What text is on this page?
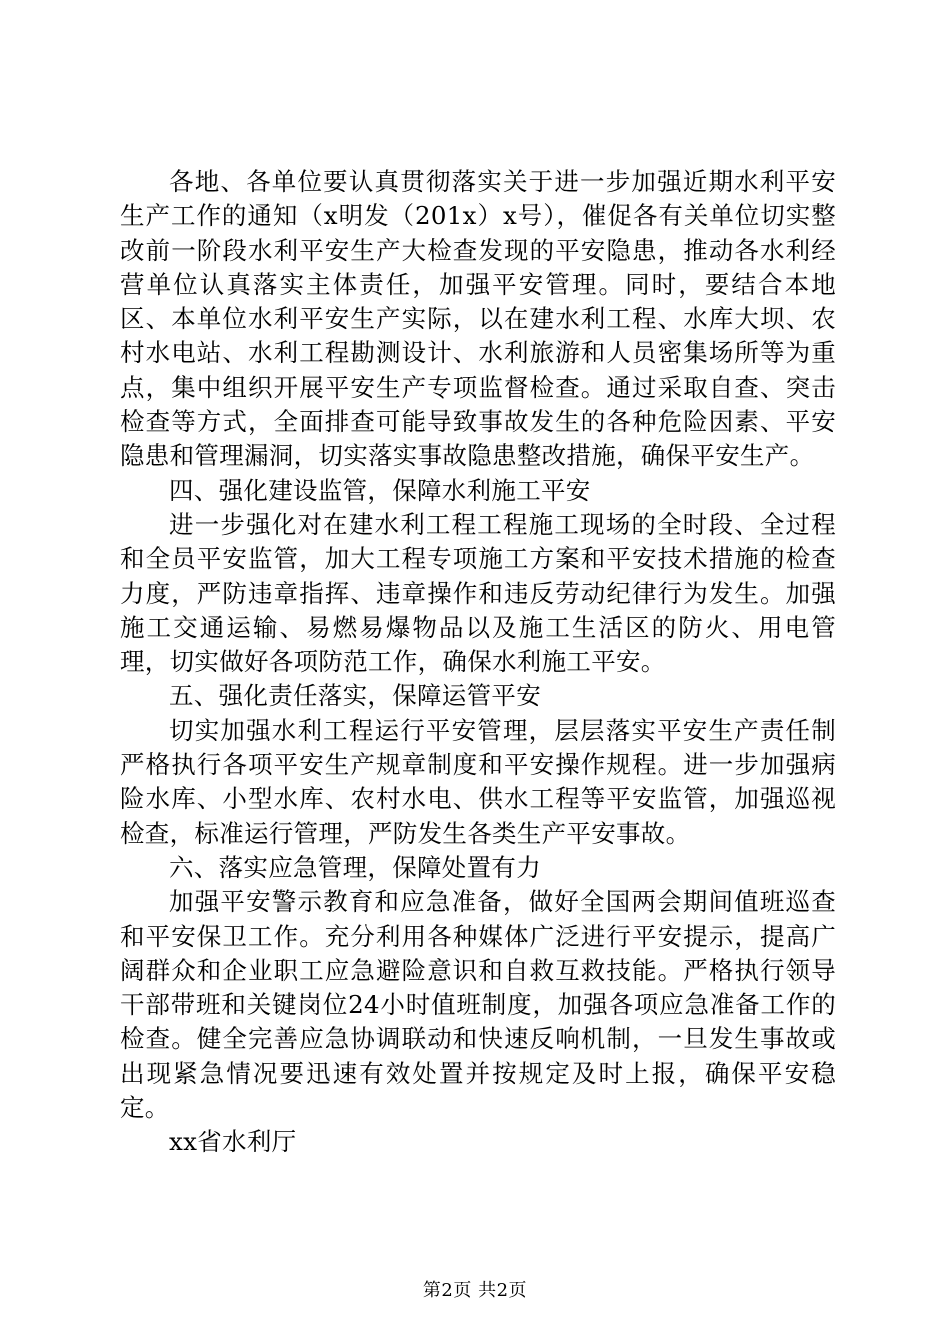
各地、各单位要认真贯彻落实关于进一步加强近期水利平安生产工作的通知（x明发（201x）x号），催促各有关单位切实整改前一阶段水利平安生产大检查发现的平安隐患，推动各水利经营单位认真落实主体责任，加强平安管理。同时，要结合本地区、本单位水利平安生产实际，以在建水利工程、水库大坝、农村水电站、水利工程勘测设计、水利旅游和人员密集场所等为重点，集中组织开展平安生产专项监督检查。通过采取自查、突击检查等方式，全面排查可能导致事故发生的各种危险因素、平安隐患和管理漏洞，切实落实事故隐患整改措施，确保平安生产。

四、强化建设监管，保障水利施工平安

进一步强化对在建水利工程工程施工现场的全时段、全过程和全员平安监管，加大工程专项施工方案和平安技术措施的检查力度，严防违章指挥、违章操作和违反劳动纪律行为发生。加强施工交通运输、易燃易爆物品以及施工生活区的防火、用电管理，切实做好各项防范工作，确保水利施工平安。

五、强化责任落实，保障运管平安

切实加强水利工程运行平安管理，层层落实平安生产责任制严格执行各项平安生产规章制度和平安操作规程。进一步加强病险水库、小型水库、农村水电、供水工程等平安监管，加强巡视检查，标准运行管理，严防发生各类生产平安事故。

六、落实应急管理，保障处置有力

加强平安警示教育和应急准备，做好全国两会期间值班巡查和平安保卫工作。充分利用各种媒体广泛进行平安提示，提高广阔群众和企业职工应急避险意识和自救互救技能。严格执行领导干部带班和关键岗位24小时值班制度，加强各项应急准备工作的检查。健全完善应急协调联动和快速反响机制，一旦发生事故或出现紧急情况要迅速有效处置并按规定及时上报，确保平安稳定。

xx省水利厅

第2页 共2页
